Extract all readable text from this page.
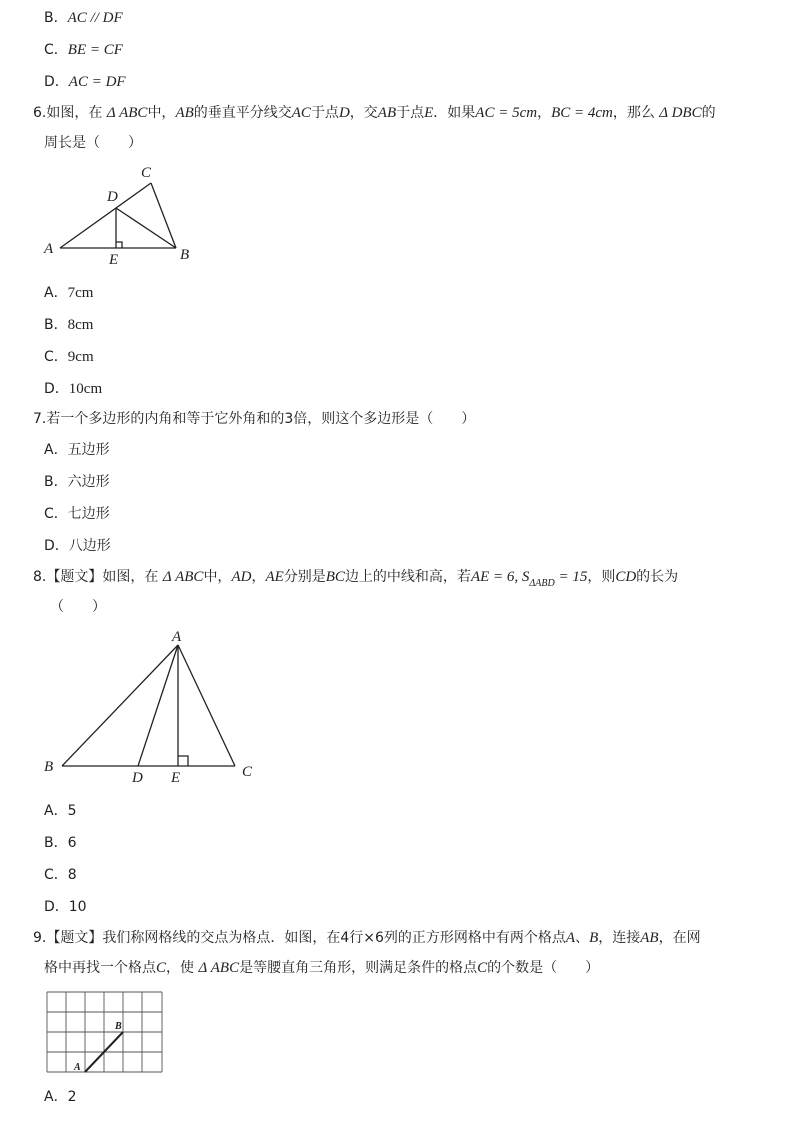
B．AC // DF
C．BE = CF
D．AC = DF
6.如图，在 Δ ABC中，AB的垂直平分线交AC于点D，交AB于点E．如果AC = 5cm，BC = 4cm，那么 Δ DBC的
周长是（　　）
A	B
C
D
E
A．7cm
B．8cm
C．9cm
D．10cm
7.若一个多边形的内角和等于它外角和的3倍，则这个多边形是（　　）
A．五边形
B．六边形
C．七边形
D．八边形
8.【题文】如图，在 Δ ABC中，AD，AE分别是BC边上的中线和高，若AE = 6, $S_{\Delta ABD} = 15$，则CD的长为
（　　）
A
B	C
D E
A．5
B．6
C．8
D．10
9.【题文】我们称网格线的交点为格点．如图，在4行×6列的正方形网格中有两个格点A、B，连接AB，在网
格中再找一个格点C，使 Δ ABC是等腰直角三角形，则满足条件的格点C的个数是（　　）
A
B
A．2
